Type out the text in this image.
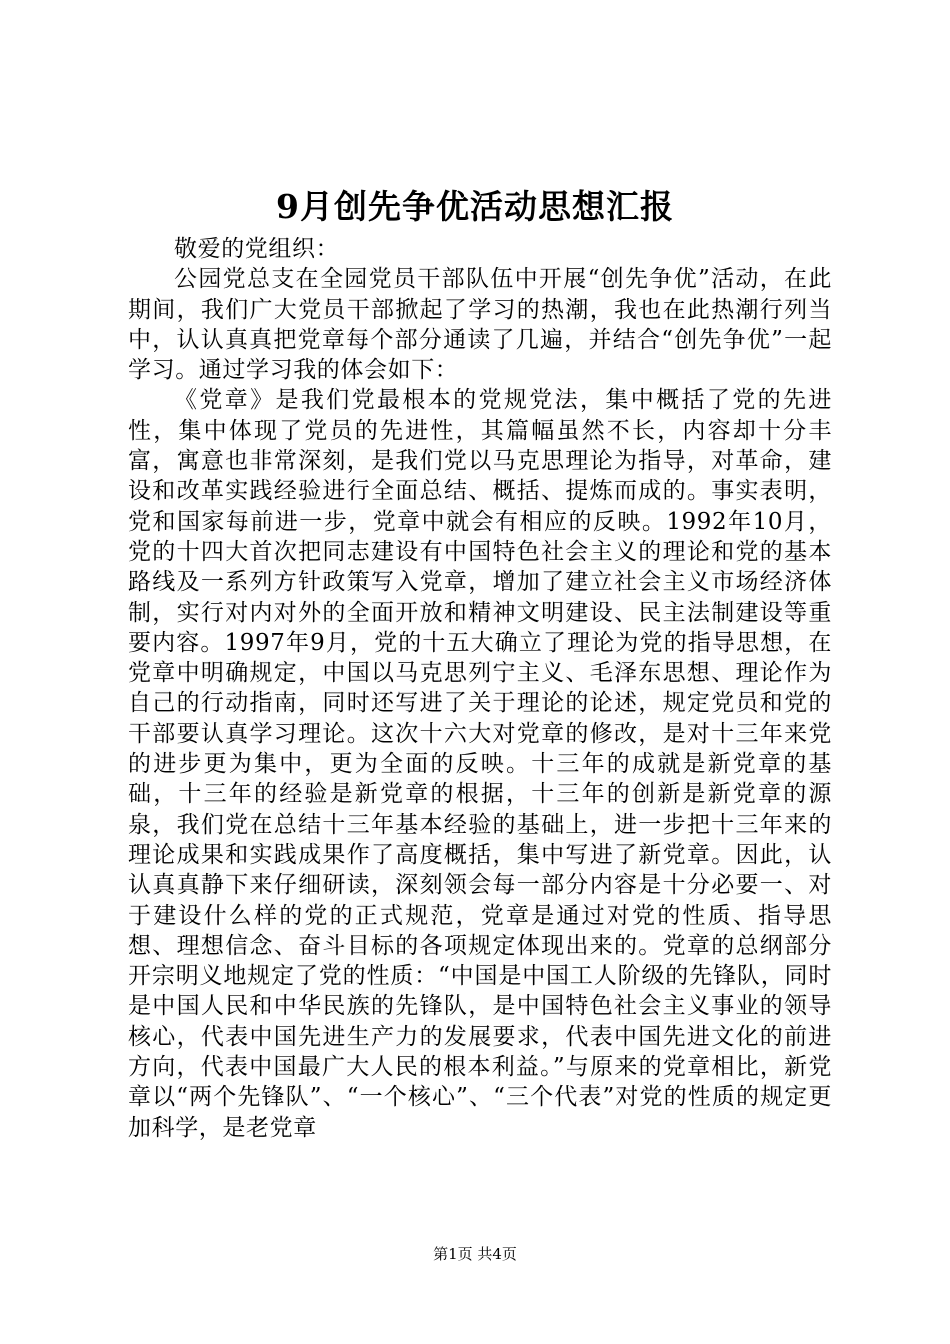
9月创先争优活动思想汇报

敬爱的党组织：

公园党总支在全园党员干部队伍中开展“创先争优”活动，在此期间，我们广大党员干部掀起了学习的热潮，我也在此热潮行列当中，认认真真把党章每个部分通读了几遍，并结合“创先争优”一起学习。通过学习我的体会如下：

《党章》是我们党最根本的党规党法，集中概括了党的先进性，集中体现了党员的先进性，其篇幅虽然不长，内容却十分丰富，寓意也非常深刻，是我们党以马克思理论为指导，对革命，建设和改革实践经验进行全面总结、概括、提炼而成的。事实表明，党和国家每前进一步，党章中就会有相应的反映。1992年10月，党的十四大首次把同志建设有中国特色社会主义的理论和党的基本路线及一系列方针政策写入党章，增加了建立社会主义市场经济体制，实行对内对外的全面开放和精神文明建设、民主法制建设等重要内容。1997年9月，党的十五大确立了理论为党的指导思想，在党章中明确规定，中国以马克思列宁主义、毛泽东思想、理论作为自己的行动指南，同时还写进了关于理论的论述，规定党员和党的干部要认真学习理论。这次十六大对党章的修改，是对十三年来党的进步更为集中，更为全面的反映。十三年的成就是新党章的基础，十三年的经验是新党章的根据，十三年的创新是新党章的源泉，我们党在总结十三年基本经验的基础上，进一步把十三年来的理论成果和实践成果作了高度概括，集中写进了新党章。因此，认认真真静下来仔细研读，深刻领会每一部分内容是十分必要一、对于建设什么样的党的正式规范，党章是通过对党的性质、指导思想、理想信念、奋斗目标的各项规定体现出来的。党章的总纲部分开宗明义地规定了党的性质：“中国是中国工人阶级的先锋队，同时是中国人民和中华民族的先锋队，是中国特色社会主义事业的领导核心，代表中国先进生产力的发展要求，代表中国先进文化的前进方向，代表中国最广大人民的根本利益。”与原来的党章相比，新党章以“两个先锋队”、“一个核心”、“三个代表”对党的性质的规定更加科学，是老党章

第1页 共4页
